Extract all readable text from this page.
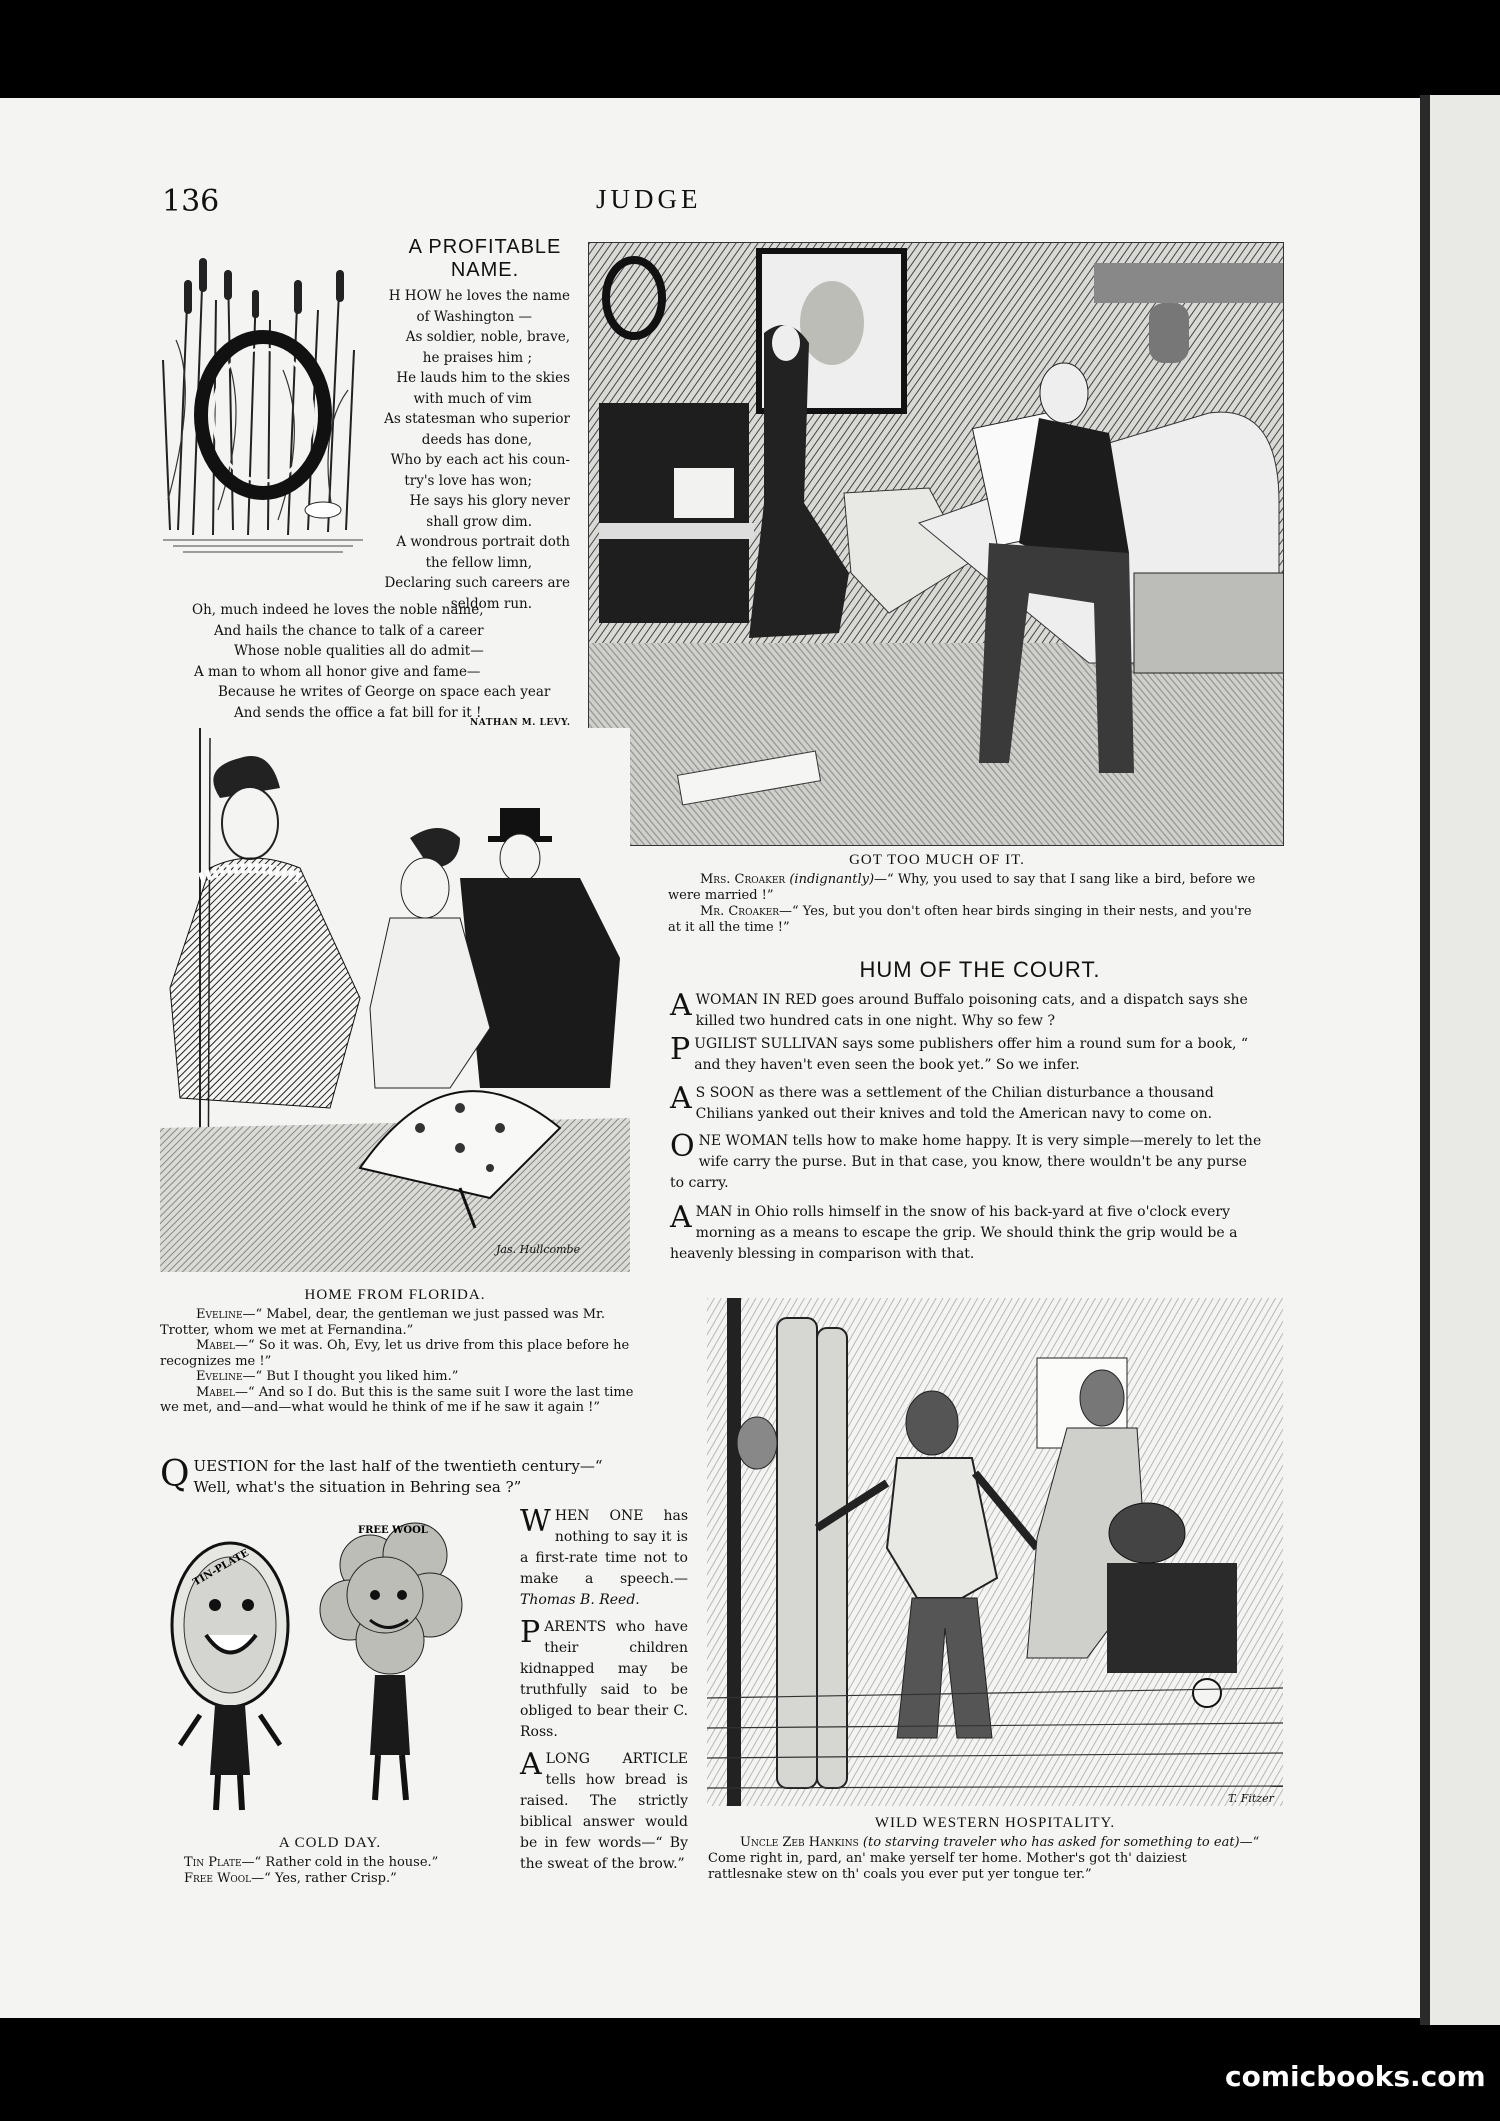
136	JUDGE
A PROFITABLE
NAME.
H HOW he loves the name
of Washington —
As soldier, noble, brave,
he praises him ;
He lauds him to the skies
with much of vim
As statesman who superior
deeds has done,
Who by each act his coun-
try's love has won;
He says his glory never
shall grow dim.
A wondrous portrait doth
the fellow limn,
Declaring such careers are
seldom run.
Oh, much indeed he loves the noble name,
And hails the chance to talk of a career
Whose noble qualities all do admit—
A man to whom all honor give and fame—
Because he writes of George on space each year
And sends the office a fat bill for it !
NATHAN M. LEVY.
GOT TOO MUCH OF IT.
Mrs. Croaker (indignantly)—“ Why, you used to say that I sang like a bird, before we were married !”
Mr. Croaker—“ Yes, but you don't often hear birds singing in their nests, and you're at it all the time !”
HUM OF THE COURT.
AWOMAN IN RED goes around Buffalo poisoning cats, and a dispatch says she killed two hundred cats in one night. Why so few ?
PUGILIST SULLIVAN says some publishers offer him a round sum for a book, “ and they haven't even seen the book yet.” So we infer.
A S SOON as there was a settlement of the Chilian disturbance a thousand Chilians yanked out their knives and told the American navy to come on.
ONE WOMAN tells how to make home happy. It is very simple—merely to let the wife carry the purse. But in that case, you know, there wouldn't be any purse to carry.
A MAN in Ohio rolls himself in the snow of his back-yard at five o'clock every morning as a means to escape the grip. We should think the grip would be a heavenly blessing in comparison with that.
Jas. Hullcombe
HOME FROM FLORIDA.
Eveline—“ Mabel, dear, the gentleman we just passed was Mr. Trotter, whom we met at Fernandina.”
Mabel—“ So it was. Oh, Evy, let us drive from this place before he recognizes me !”
Eveline—“ But I thought you liked him.”
Mabel—“ And so I do. But this is the same suit I wore the last time we met, and—and—what would he think of me if he saw it again !”
QUESTION for the last half of the twentieth century—“ Well, what's the situation in Behring sea ?”
TIN-PLATE
FREE WOOL
A COLD DAY.
Tin Plate—“ Rather cold in the house.”
Free Wool—“ Yes, rather Crisp.”
WHEN ONE has nothing to say it is a first-rate time not to make a speech.— Thomas B. Reed.
PARENTS who have their children kidnapped may be truthfully said to be obliged to bear their C. Ross.
ALONG ARTICLE tells how bread is raised. The strictly biblical answer would be in few words—“ By the sweat of the brow.”
T. Fitzer
WILD WESTERN HOSPITALITY.
Uncle Zeb Hankins (to starving traveler who has asked for something to eat)—“ Come right in, pard, an' make yerself ter home. Mother's got th' daiziest rattlesnake stew on th' coals you ever put yer tongue ter.”
comicbooks.com
